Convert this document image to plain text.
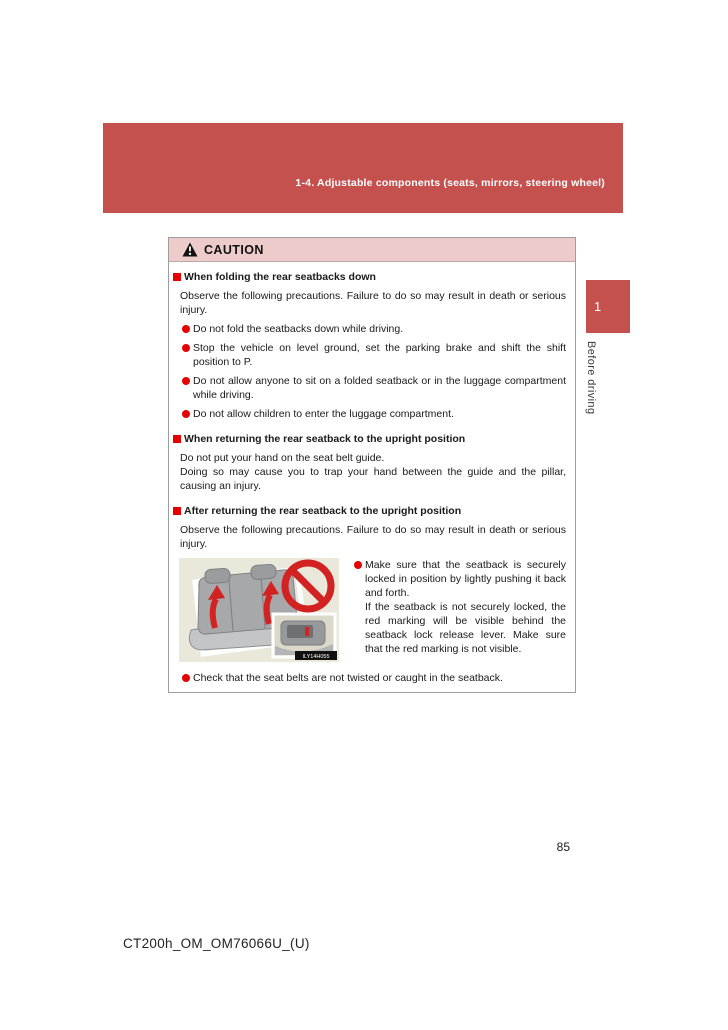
1-4. Adjustable components (seats, mirrors, steering wheel)
CAUTION
When folding the rear seatbacks down
Observe the following precautions. Failure to do so may result in death or serious injury.
Do not fold the seatbacks down while driving.
Stop the vehicle on level ground, set the parking brake and shift the shift position to P.
Do not allow anyone to sit on a folded seatback or in the luggage compartment while driving.
Do not allow children to enter the luggage compartment.
When returning the rear seatback to the upright position
Do not put your hand on the seat belt guide.
Doing so may cause you to trap your hand between the guide and the pillar, causing an injury.
After returning the rear seatback to the upright position
Observe the following precautions. Failure to do so may result in death or serious injury.
ILY14H055
Make sure that the seatback is securely locked in position by lightly pushing it back and forth.
If the seatback is not securely locked, the red marking will be visible behind the seatback lock release lever. Make sure that the red marking is not visible.
Check that the seat belts are not twisted or caught in the seatback.
1
Before driving
85
CT200h_OM_OM76066U_(U)
